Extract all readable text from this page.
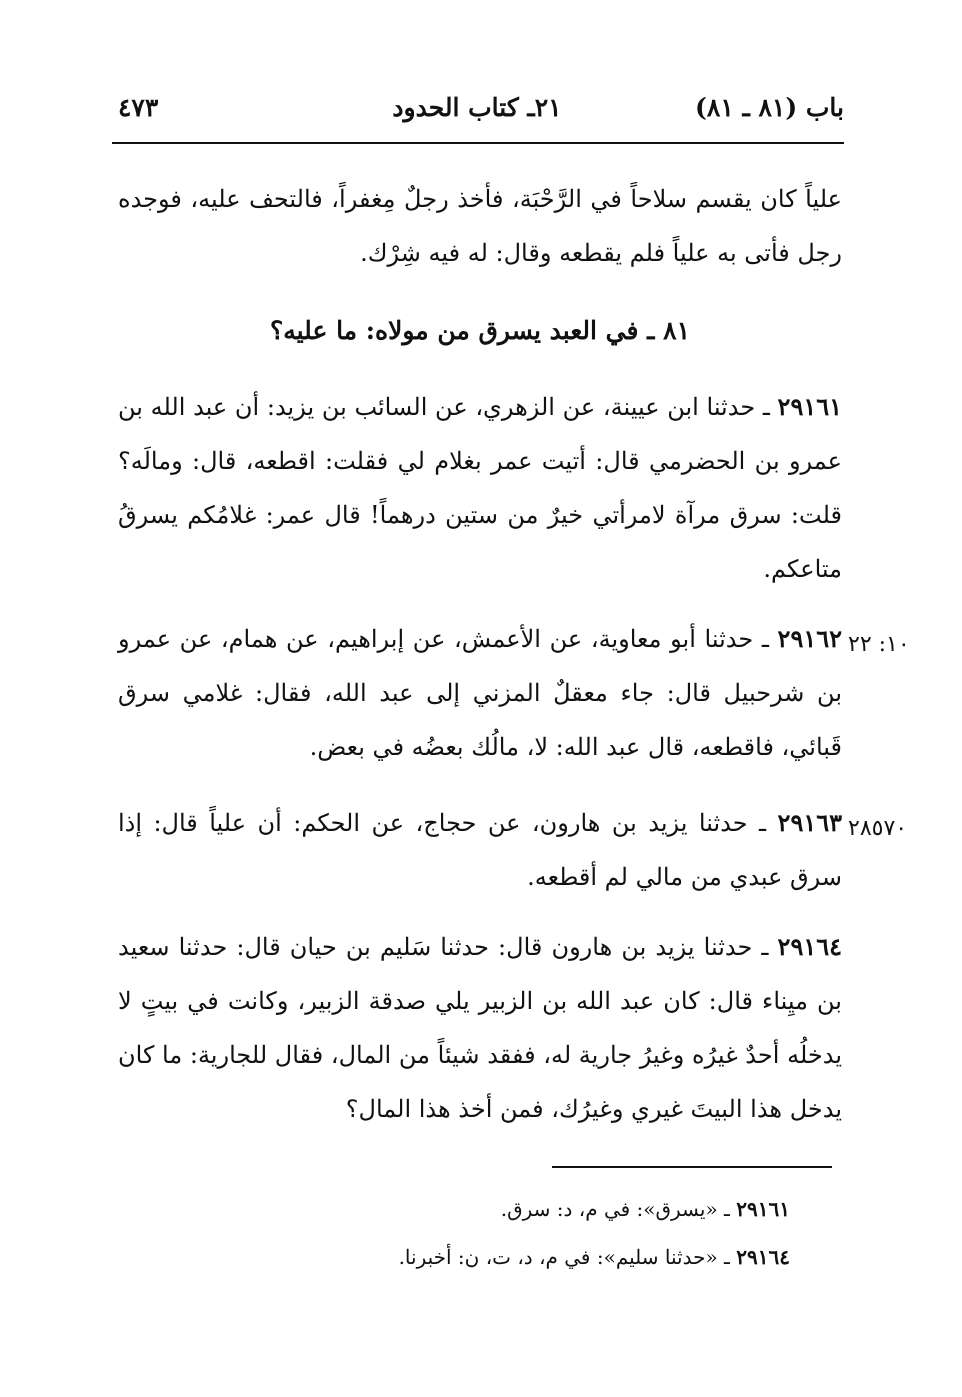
باب (٨١ ـ ٨١)
٢١ـ كتاب الحدود
٤٧٣
علياً كان يقسم سلاحاً في الرَّحْبَة، فأخذ رجلٌ مِغفراً، فالتحف عليه، فوجده رجل فأتى به علياً فلم يقطعه وقال: له فيه شِرْك.
٨١ ـ في العبد يسرق من مولاه: ما عليه؟
٢٩١٦١ ـ حدثنا ابن عيينة، عن الزهري، عن السائب بن يزيد: أن عبد الله بن عمرو بن الحضرمي قال: أتيت عمر بغلام لي فقلت: اقطعه، قال: ومالَه؟ قلت: سرق مرآة لامرأتي خيرٌ من ستين درهماً! قال عمر: غلامُكم يسرقُ متاعكم.
١٠: ٢٢
٢٩١٦٢ ـ حدثنا أبو معاوية، عن الأعمش، عن إبراهيم، عن همام، عن عمرو بن شرحبيل قال: جاء معقلٌ المزني إلى عبد الله، فقال: غلامي سرق قَبائي، فاقطعه، قال عبد الله: لا، مالُك بعضُه في بعض.
٢٨٥٧٠
٢٩١٦٣ ـ حدثنا يزيد بن هارون، عن حجاج، عن الحكم: أن علياً قال: إذا سرق عبدي من مالي لم أقطعه.
٢٩١٦٤ ـ حدثنا يزيد بن هارون قال: حدثنا سَليم بن حيان قال: حدثنا سعيد بن ميِناء قال: كان عبد الله بن الزبير يلي صدقة الزبير، وكانت في بيتٍ لا يدخلُه أحدٌ غيرُه وغيرُ جارية له، ففقد شيئاً من المال، فقال للجارية: ما كان يدخل هذا البيتَ غيري وغيرُك، فمن أخذ هذا المال؟
٢٩١٦١ ـ «يسرق»: في م، د: سرق.
٢٩١٦٤ ـ «حدثنا سليم»: في م، د، ت، ن: أخبرنا.
